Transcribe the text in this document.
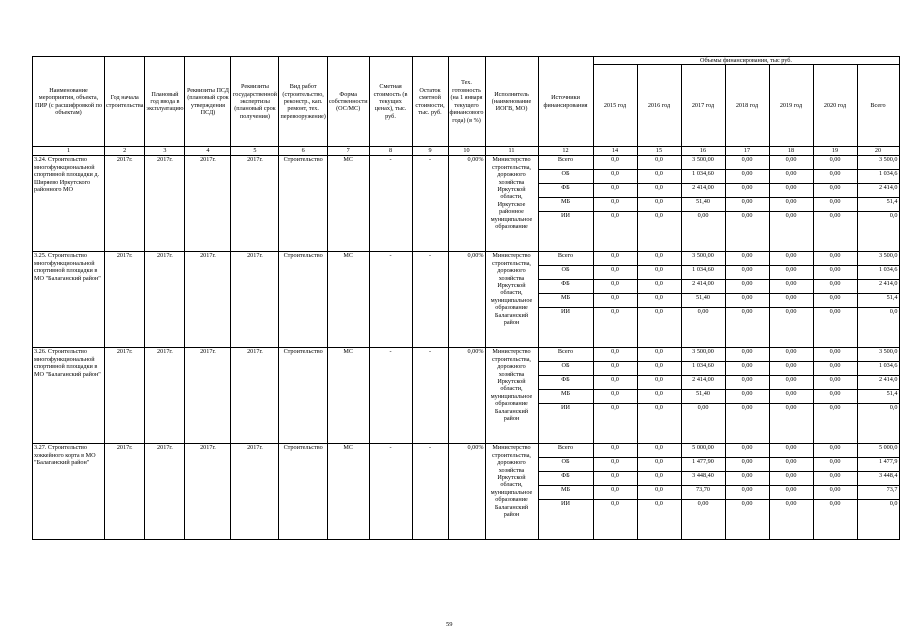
Наименование мероприятия, объекта, ПИР (с расшифровкой по объектам)	Год начала строительства	Плановый год ввода в эксплуатацию	Реквизиты ПСД (плановый срок утверждения ПСД)	Реквизиты государственной экспертизы (плановый срок получения)	Вид работ (строительство, реконстр., кап. ремонт, тех. перевооружение)	Форма собственности (ОС/МС)	Сметная стоимость (в текущих ценах), тыс. руб.	Остаток сметной стоимости, тыс. руб.	Тех. готовность (на 1 января текущего финансового года) (в %)	Исполнитель (наименование ИОГВ, МО)	Источники финансирования	Объемы финансирования, тыс руб.						
												2015 год	2016 год	2017 год	2018 год	2019 год	2020 год	Всего
1	2	3	4	5	6	7	8	9	10	11	12	14	15	16	17	18	19	20
3.24. Строительство многофункциональной спортивной площадки д. Ширяево Иркутского районного МО	2017г.	2017г.	2017г.	2017г.	Строительство	МС	-	-	0,00%	Министерство строительства, дорожного хозяйства Иркутской области, Иркутское районное муниципальное образование	Всего	0,0	0,0	3 500,00	0,00	0,00	0,00	3 500,0
											ОБ	0,0	0,0	1 034,60	0,00	0,00	0,00	1 034,6
											ФБ	0,0	0,0	2 414,00	0,00	0,00	0,00	2 414,0
											МБ	0,0	0,0	51,40	0,00	0,00	0,00	51,4
											ИИ	0,0	0,0	0,00	0,00	0,00	0,00	0,0
3.25. Строительство многофункциональной спортивной площадки в МО "Балаганский район"	2017г.	2017г.	2017г.	2017г.	Строительство	МС	-	-	0,00%	Министерство строительства, дорожного хозяйства Иркутской области, муниципальное образование Балаганский район	Всего	0,0	0,0	3 500,00	0,00	0,00	0,00	3 500,0
											ОБ	0,0	0,0	1 034,60	0,00	0,00	0,00	1 034,6
											ФБ	0,0	0,0	2 414,00	0,00	0,00	0,00	2 414,0
											МБ	0,0	0,0	51,40	0,00	0,00	0,00	51,4
											ИИ	0,0	0,0	0,00	0,00	0,00	0,00	0,0
3.26. Строительство многофункциональной спортивной площадки в МО "Балаганский район"	2017г.	2017г.	2017г.	2017г.	Строительство	МС	-	-	0,00%	Министерство строительства, дорожного хозяйства Иркутской области, муниципальное образование Балаганский район	Всего	0,0	0,0	3 500,00	0,00	0,00	0,00	3 500,0
											ОБ	0,0	0,0	1 034,60	0,00	0,00	0,00	1 034,6
											ФБ	0,0	0,0	2 414,00	0,00	0,00	0,00	2 414,0
											МБ	0,0	0,0	51,40	0,00	0,00	0,00	51,4
											ИИ	0,0	0,0	0,00	0,00	0,00	0,00	0,0
3.27. Строительство хоккейного корта в МО "Балаганский район"	2017г.	2017г.	2017г.	2017г.	Строительство	МС	-	-	0,00%	Министерство строительства, дорожного хозяйства Иркутской области, муниципальное образование Балаганский район	Всего	0,0	0,0	5 000,00	0,00	0,00	0,00	5 000,0
											ОБ	0,0	0,0	1 477,90	0,00	0,00	0,00	1 477,9
											ФБ	0,0	0,0	3 448,40	0,00	0,00	0,00	3 448,4
											МБ	0,0	0,0	73,70	0,00	0,00	0,00	73,7
											ИИ	0,0	0,0	0,00	0,00	0,00	0,00	0,0
59
